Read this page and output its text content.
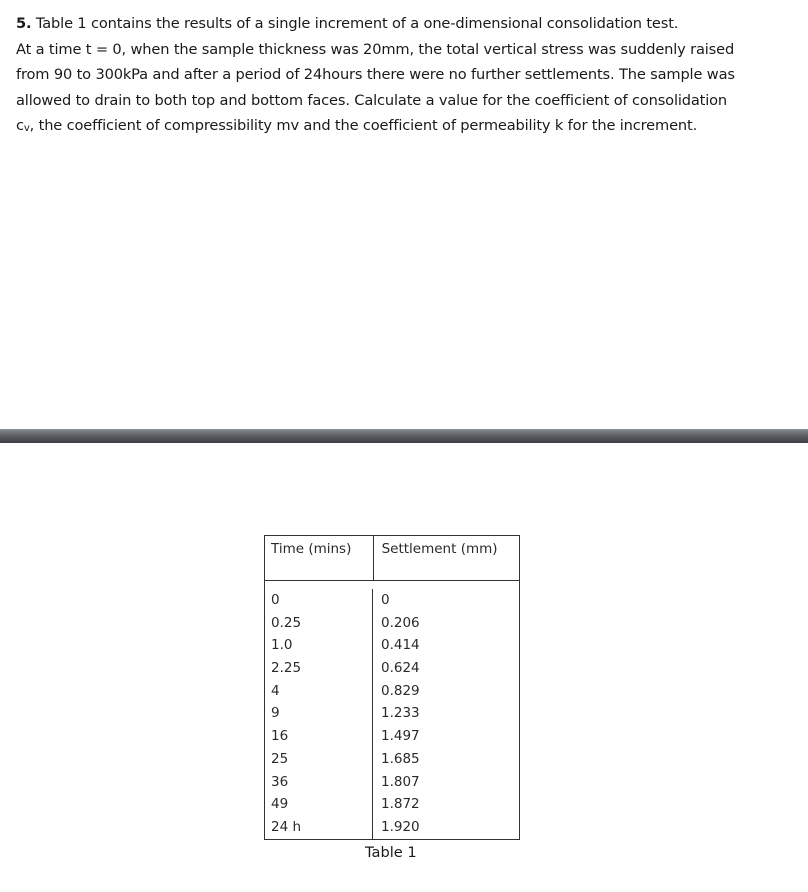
5. Table 1 contains the results of a single increment of a one-dimensional consolidation test.

At a time t = 0, when the sample thickness was 20mm, the total vertical stress was suddenly raised

from 90 to 300kPa and after a period of 24hours there were no further settlements. The sample was

allowed to drain to both top and bottom faces. Calculate a value for the coefficient of consolidation

cv, the coefficient of compressibility mv and the coefficient of permeability k for the increment.

Time (mins)	Settlement (mm)
0
0.25
1.0
2.25
4
9
16
25
36
49
24 h
0
0.206
0.414
0.624
0.829
1.233
1.497
1.685
1.807
1.872
1.920
Table 1
